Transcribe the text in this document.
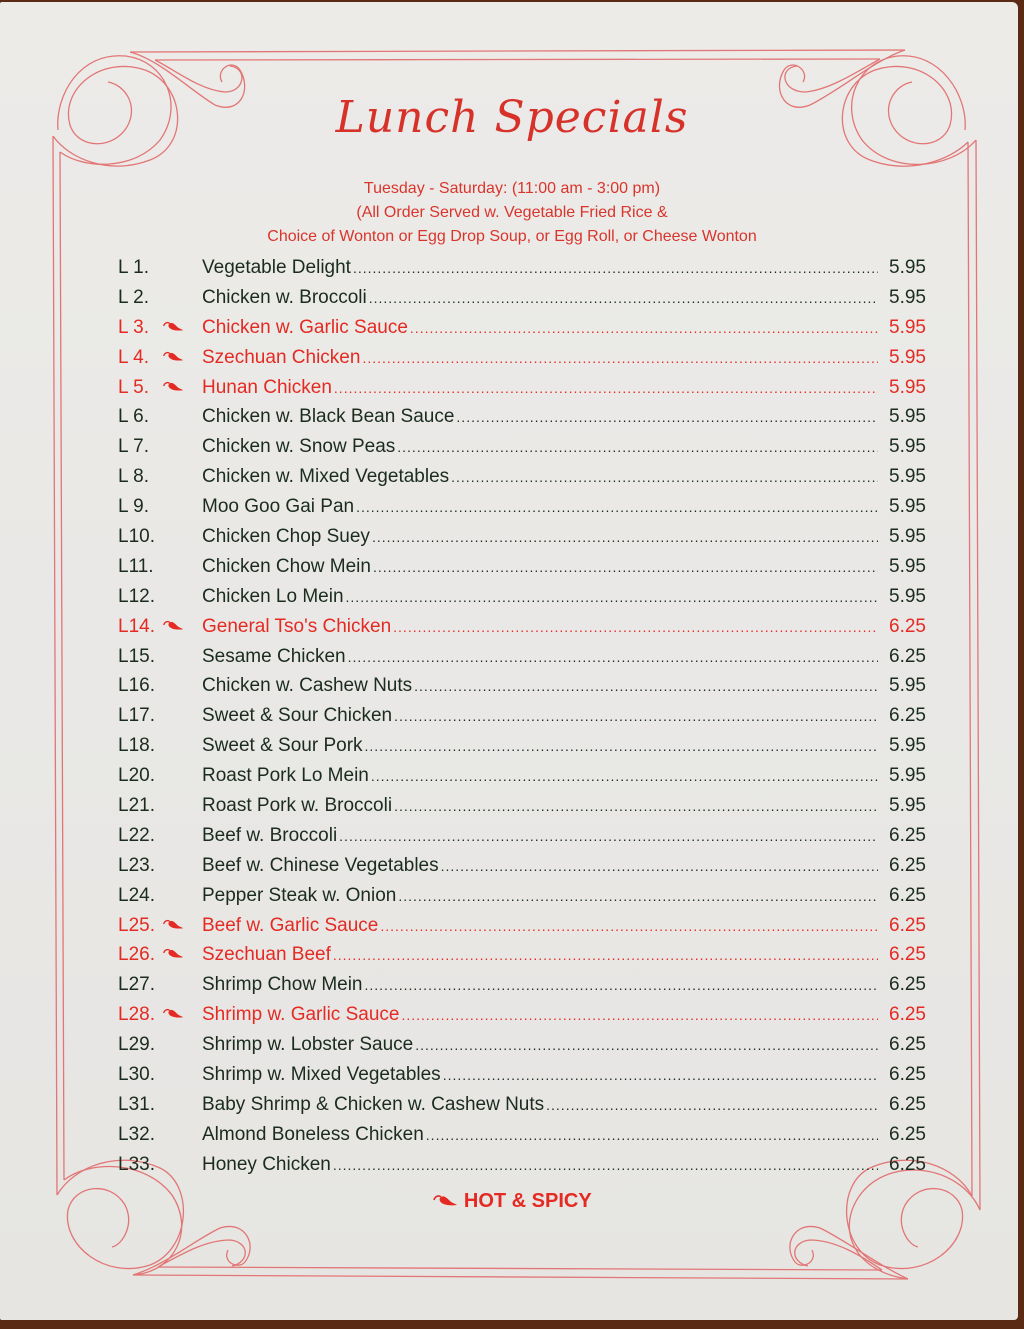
Lunch Specials
Tuesday - Saturday: (11:00 am - 3:00 pm)
(All Order Served w. Vegetable Fried Rice &
Choice of Wonton or Egg Drop Soup, or Egg Roll, or Cheese Wonton
L 1.	Vegetable Delight .....	5.95
L 2.	Chicken w. Broccoli .....	5.95
L 3.	Chicken w. Garlic Sauce .....	5.95
L 4.	Szechuan Chicken .....	5.95
L 5.	Hunan Chicken .....	5.95
L 6.	Chicken w. Black Bean Sauce .....	5.95
L 7.	Chicken w. Snow Peas .....	5.95
L 8.	Chicken w. Mixed Vegetables .....	5.95
L 9.	Moo Goo Gai Pan .....	5.95
L10.	Chicken Chop Suey .....	5.95
L11.	Chicken Chow Mein .....	5.95
L12.	Chicken Lo Mein .....	5.95
L14.	General Tso's Chicken .....	6.25
L15.	Sesame Chicken .....	6.25
L16.	Chicken w. Cashew Nuts .....	5.95
L17.	Sweet & Sour Chicken .....	6.25
L18.	Sweet & Sour Pork .....	5.95
L20.	Roast Pork Lo Mein .....	5.95
L21.	Roast Pork w. Broccoli .....	5.95
L22.	Beef w. Broccoli .....	6.25
L23.	Beef w. Chinese Vegetables .....	6.25
L24.	Pepper Steak w. Onion .....	6.25
L25.	Beef w. Garlic Sauce .....	6.25
L26.	Szechuan Beef .....	6.25
L27.	Shrimp Chow Mein .....	6.25
L28.	Shrimp w. Garlic Sauce .....	6.25
L29.	Shrimp w. Lobster Sauce .....	6.25
L30.	Shrimp w. Mixed Vegetables .....	6.25
L31.	Baby Shrimp & Chicken w. Cashew Nuts .....	6.25
L32.	Almond Boneless Chicken .....	6.25
L33.	Honey Chicken .....	6.25
HOT & SPICY
